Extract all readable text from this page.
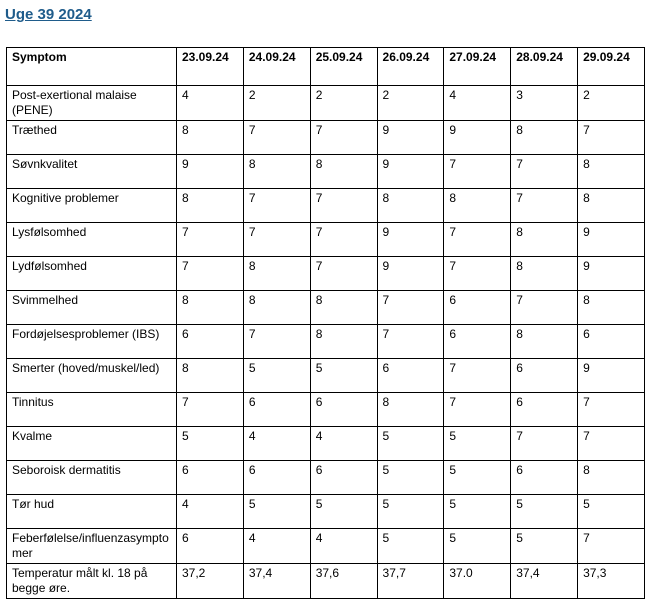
Uge 39 2024
Symptom	23.09.24	24.09.24	25.09.24	26.09.24	27.09.24	28.09.24	29.09.24
Post-exertional malaise (PENE)	4	2	2	2	4	3	2
Træthed	8	7	7	9	9	8	7
Søvnkvalitet	9	8	8	9	7	7	8
Kognitive problemer	8	7	7	8	8	7	8
Lysfølsomhed	7	7	7	9	7	8	9
Lydfølsomhed	7	8	7	9	7	8	9
Svimmelhed	8	8	8	7	6	7	8
Fordøjelsesproblemer (IBS)	6	7	8	7	6	8	6
Smerter (hoved/muskel/led)	8	5	5	6	7	6	9
Tinnitus	7	6	6	8	7	6	7
Kvalme	5	4	4	5	5	7	7
Seboroisk dermatitis	6	6	6	5	5	6	8
Tør hud	4	5	5	5	5	5	5
Feberfølelse/influenzasymptomer	6	4	4	5	5	5	7
Temperatur målt kl. 18 på begge øre.	37,2	37,4	37,6	37,7	37.0	37,4	37,3
